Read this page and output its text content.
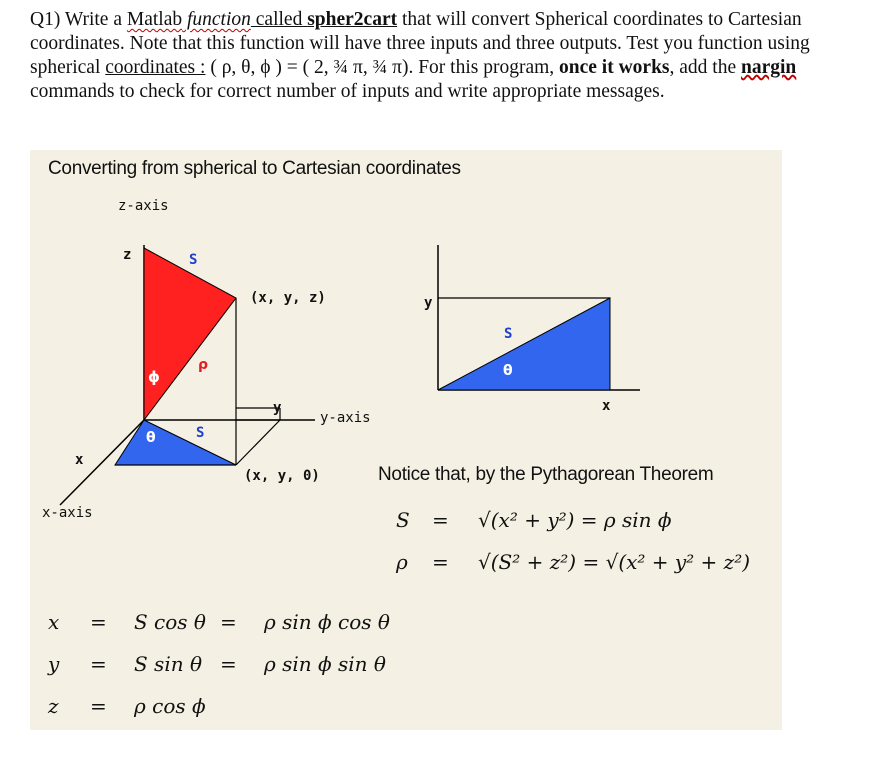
Q1) Write a Matlab function called spher2cart that will convert Spherical coordinates to Cartesian coordinates. Note that this function will have three inputs and three outputs. Test you function using spherical coordinates : ( ρ, θ, ϕ ) = ( 2, ¾ π, ¾ π). For this program, once it works, add the nargin commands to check for correct number of inputs and write appropriate messages.
Converting from spherical to Cartesian coordinates
z-axis
y-axis
x-axis
z
x
y
S
S
ρ
ϕ
θ
(x, y, z)
(x, y, 0)
y
x
S
θ
Notice that, by the Pythagorean Theorem
S = √(x² + y²) = ρ sin ϕ
ρ = √(S² + z²) = √(x² + y² + z²)
x = S cos θ = ρ sin ϕ cos θ
y = S sin θ = ρ sin ϕ sin θ
z = ρ cos ϕ
